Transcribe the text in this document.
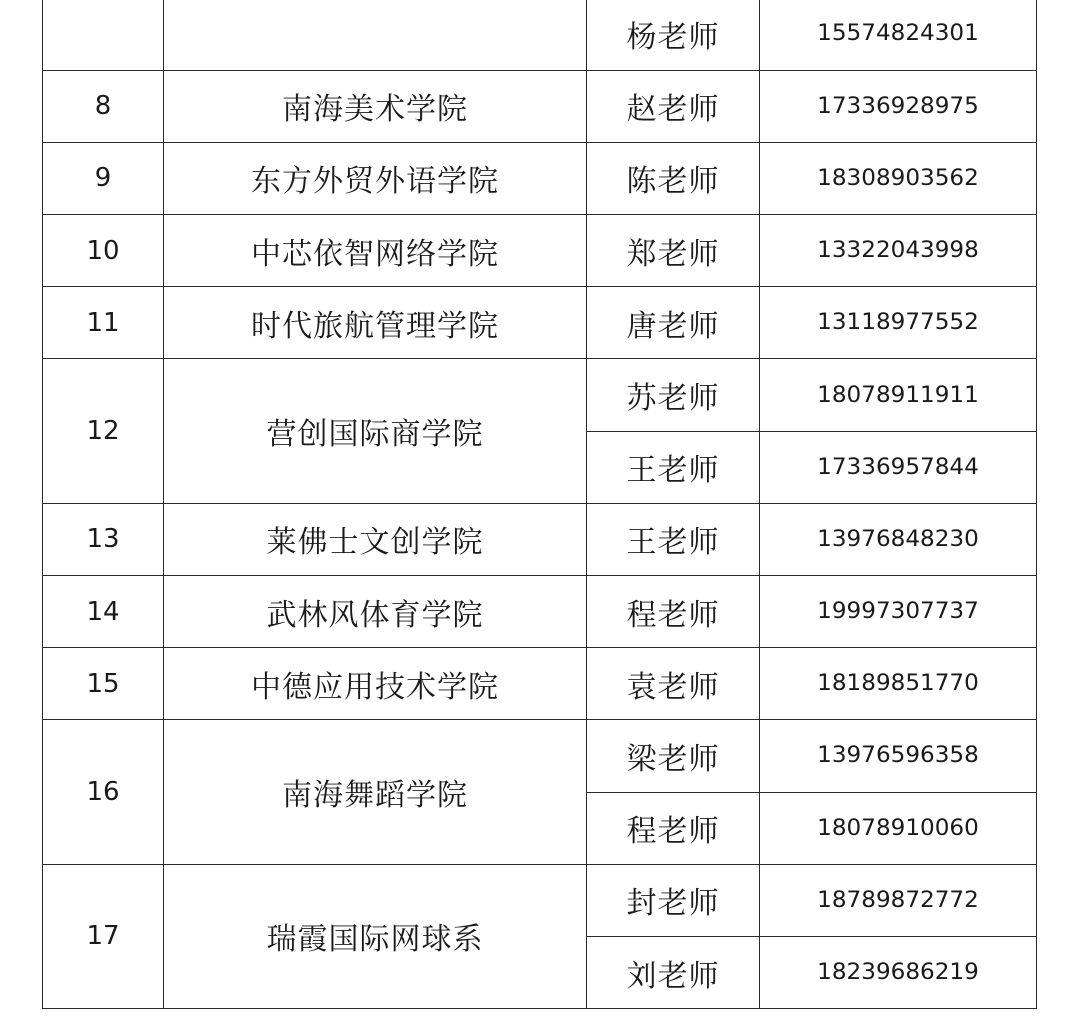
		杨老师	15574824301
8	南海美术学院	赵老师	17336928975
9	东方外贸外语学院	陈老师	18308903562
10	中芯依智网络学院	郑老师	13322043998
11	时代旅航管理学院	唐老师	13118977552
12	营创国际商学院	苏老师	18078911911
		王老师	17336957844
13	莱佛士文创学院	王老师	13976848230
14	武林风体育学院	程老师	19997307737
15	中德应用技术学院	袁老师	18189851770
16	南海舞蹈学院	梁老师	13976596358
		程老师	18078910060
17	瑞霞国际网球系	封老师	18789872772
		刘老师	18239686219
